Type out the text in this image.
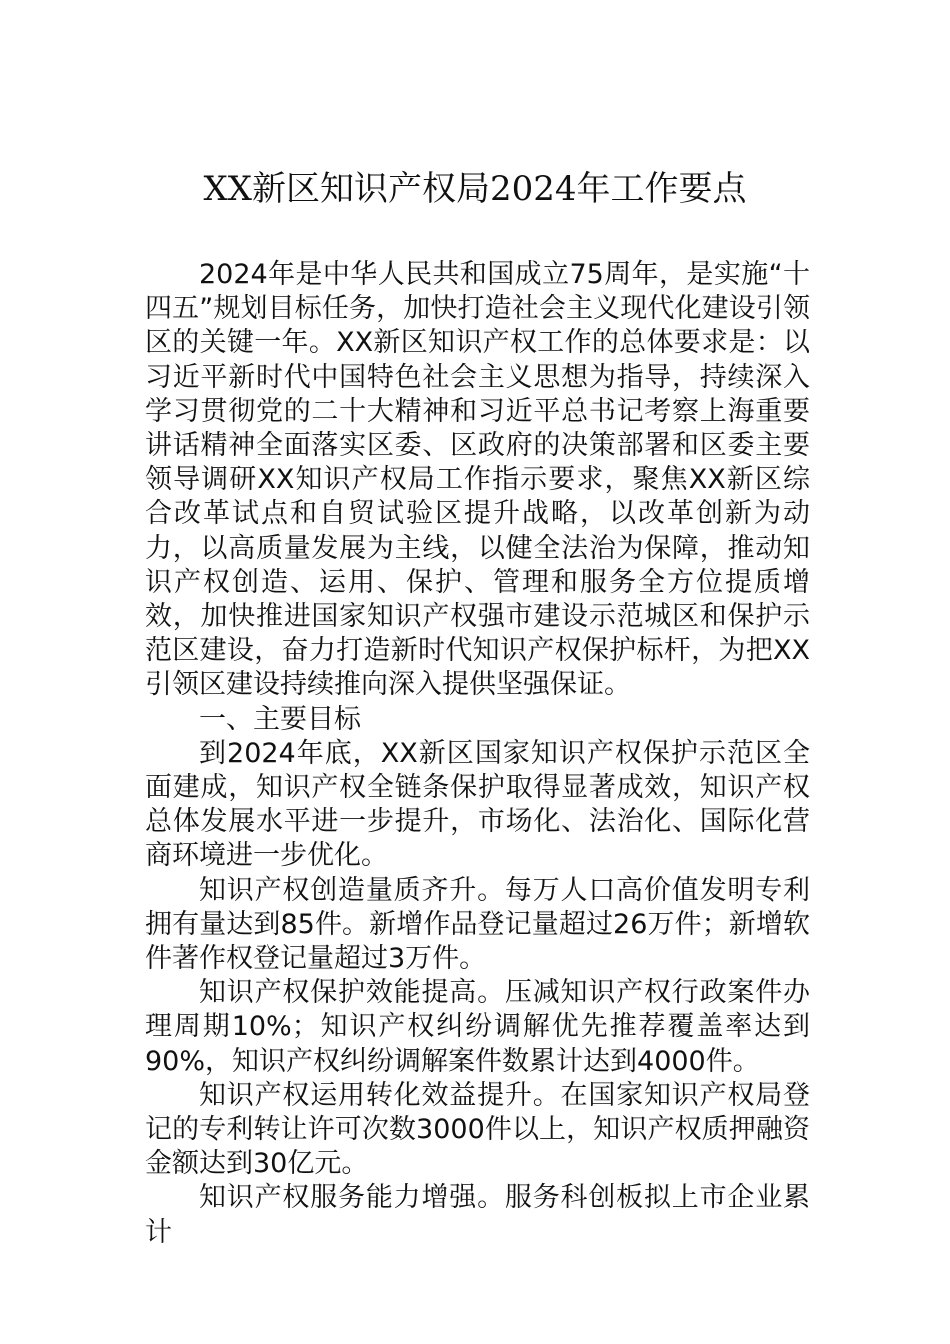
XX新区知识产权局2024年工作要点

2024年是中华人民共和国成立75周年，是实施“十四五”规划目标任务，加快打造社会主义现代化建设引领区的关键一年。XX新区知识产权工作的总体要求是：以习近平新时代中国特色社会主义思想为指导，持续深入学习贯彻党的二十大精神和习近平总书记考察上海重要讲话精神全面落实区委、区政府的决策部署和区委主要领导调研XX知识产权局工作指示要求，聚焦XX新区综合改革试点和自贸试验区提升战略，以改革创新为动力，以高质量发展为主线，以健全法治为保障，推动知识产权创造、运用、保护、管理和服务全方位提质增效，加快推进国家知识产权强市建设示范城区和保护示范区建设，奋力打造新时代知识产权保护标杆，为把XX引领区建设持续推向深入提供坚强保证。

一、主要目标

到2024年底，XX新区国家知识产权保护示范区全面建成，知识产权全链条保护取得显著成效，知识产权总体发展水平进一步提升，市场化、法治化、国际化营商环境进一步优化。

知识产权创造量质齐升。每万人口高价值发明专利拥有量达到85件。新增作品登记量超过26万件；新增软件著作权登记量超过3万件。

知识产权保护效能提高。压减知识产权行政案件办理周期10%；知识产权纠纷调解优先推荐覆盖率达到90%，知识产权纠纷调解案件数累计达到4000件。

知识产权运用转化效益提升。在国家知识产权局登记的专利转让许可次数3000件以上，知识产权质押融资金额达到30亿元。

知识产权服务能力增强。服务科创板拟上市企业累计
